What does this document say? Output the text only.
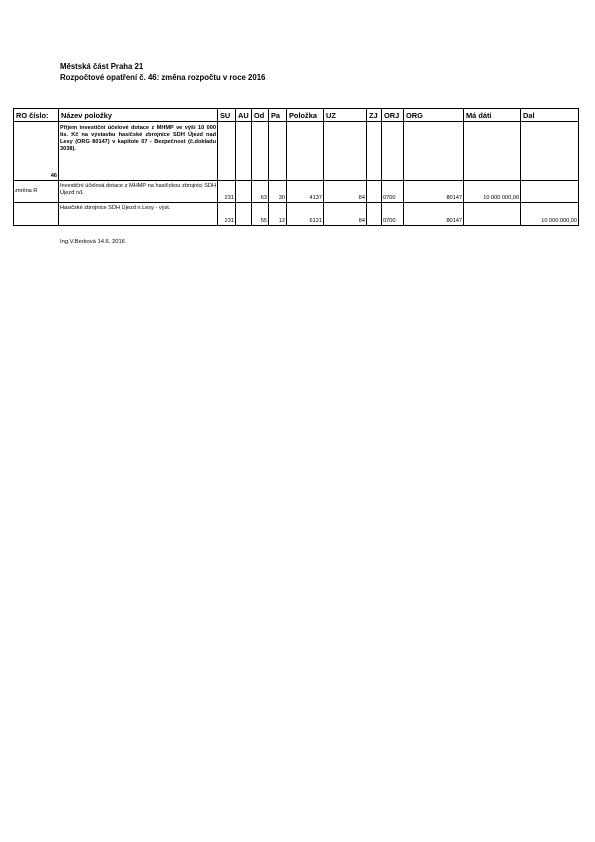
Městská část Praha 21
Rozpočtové opatření č. 46: změna rozpočtu v roce 2016
RO číslo:	Název položky	SU	AU	Od	Pa	Položka	UZ	ZJ	ORJ	ORG	Má dáti	Dal
46	Příjem investiční účelové dotace z MHMP ve výši 10 000 tis. Kč na výstavbu hasičské zbrojnice SDH Újezd nad Lesy (ORG 80147) v kapitole 07 - Bezpečnost (č.dokladu 3038).											
změna R	Investiční účelová dotace z MHMP na hasičckou zbrojnici SDH Újezd n/L	231		63	30	4137	84		0700	80147	10 000 000,00	
	Hasičské zbrojnice SDH Újezd n.Lesy - výst.	231		55	12	6121	84		0700	80147		10 000 000,00
Ing.V.Berková 14.6. 2016
